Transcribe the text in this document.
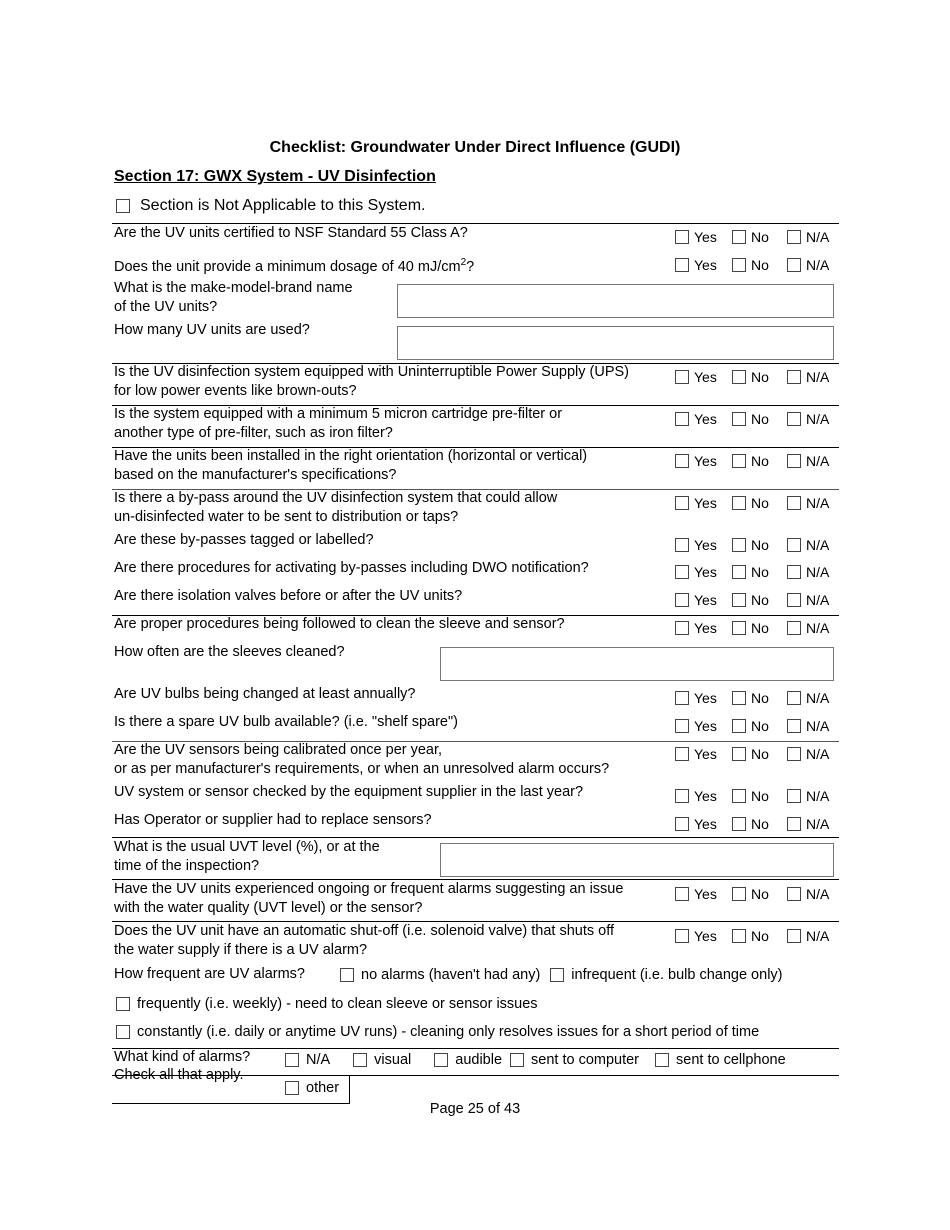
Checklist: Groundwater Under Direct Influence (GUDI)
Section 17: GWX System - UV Disinfection
Section is Not Applicable to this System.
Are the UV units certified to NSF Standard 55 Class A?	Yes No	N/A
Does the unit provide a minimum dosage of 40 $mJ/cm^2$?	Yes No	N/A
What is the make-model-brand name
of the UV units?
How many UV units are used?
Is the UV disinfection system equipped with Uninterruptible Power Supply (UPS)
for low power events like brown-outs?
Yes No	N/A
Is the system equipped with a minimum 5 micron cartridge pre-filter or
another type of pre-filter, such as iron filter?
Yes No	N/A
Have the units been installed in the right orientation (horizontal or vertical)
based on the manufacturer's specifications?
Yes No	N/A
Is there a by-pass around the UV disinfection system that could allow
un-disinfected water to be sent to distribution or taps?
Yes No	N/A
Are these by-passes tagged or labelled?	Yes No	N/A
Are there procedures for activating by-passes including DWO notification?	Yes No	N/A
Are there isolation valves before or after the UV units?	Yes No	N/A
Are proper procedures being followed to clean the sleeve and sensor?	Yes No	N/A
How often are the sleeves cleaned?
Are UV bulbs being changed at least annually?	Yes No	N/A
Is there a spare UV bulb available? (i.e. "shelf spare")	Yes No	N/A
Are the UV sensors being calibrated once per year,
or as per manufacturer's requirements, or when an unresolved alarm occurs?
Yes No	N/A
UV system or sensor checked by the equipment supplier in the last year?	Yes No	N/A
Has Operator or supplier had to replace sensors?	Yes No	N/A
What is the usual UVT level (%), or at the
time of the inspection?
Have the UV units experienced ongoing or frequent alarms suggesting an issue
with the water quality (UVT level) or the sensor?
Yes No	N/A
Does the UV unit have an automatic shut-off (i.e. solenoid valve) that shuts off
the water supply if there is a UV alarm?
Yes No	N/A
How frequent are UV alarms?	no alarms (haven't had any) infrequent (i.e. bulb change only)
frequently (i.e. weekly) - need to clean sleeve or sensor issues
constantly (i.e. daily or anytime UV runs) - cleaning only resolves issues for a short period of time
What kind of alarms?
Check all that apply.
N/A	visual	audible sent to computer	sent to cellphone
other
Page 25 of 43
